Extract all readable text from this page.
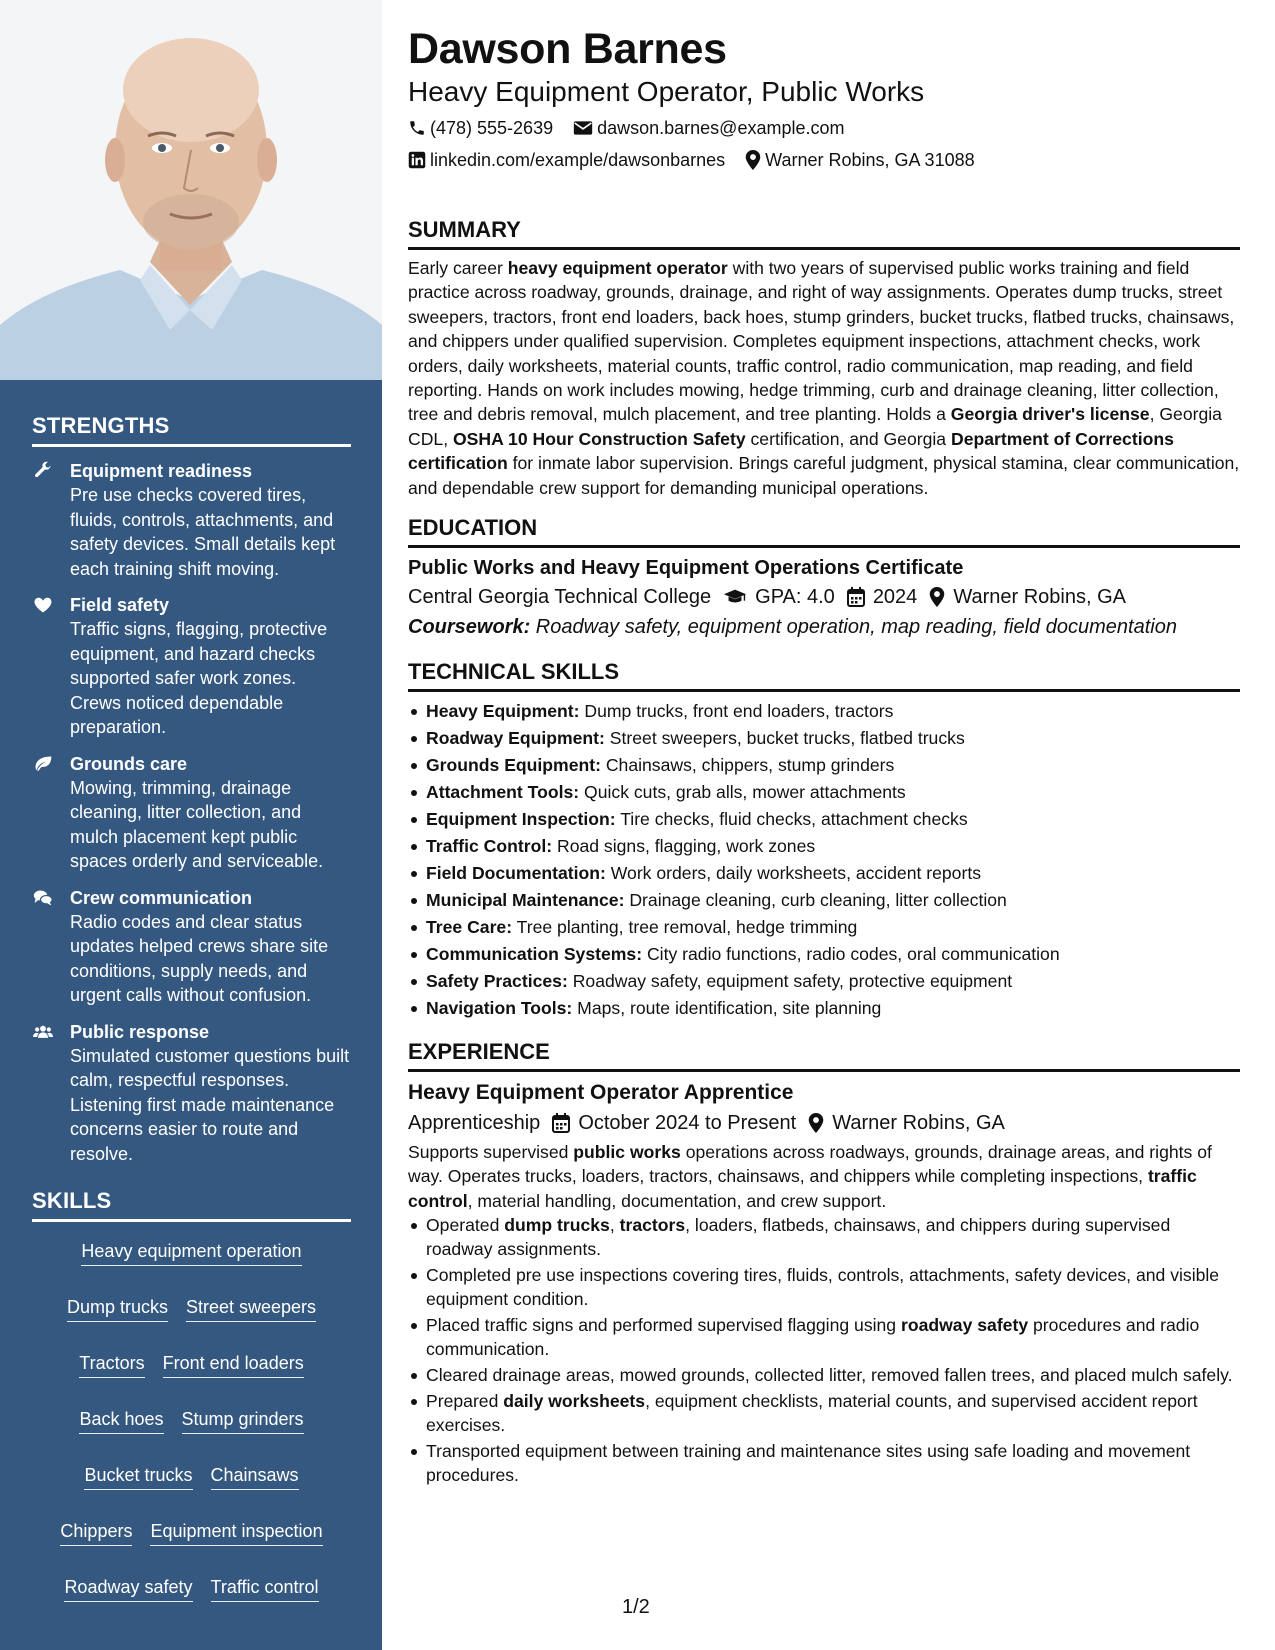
STRENGTHS
Equipment readiness
Pre use checks covered tires, fluids, controls, attachments, and safety devices. Small details kept each training shift moving.
Field safety
Traffic signs, flagging, protective equipment, and hazard checks supported safer work zones. Crews noticed dependable preparation.
Grounds care
Mowing, trimming, drainage cleaning, litter collection, and mulch placement kept public spaces orderly and serviceable.
Crew communication
Radio codes and clear status updates helped crews share site conditions, supply needs, and urgent calls without confusion.
Public response
Simulated customer questions built calm, respectful responses. Listening first made maintenance concerns easier to route and resolve.
SKILLS
Heavy equipment operation
Dump trucks Street sweepers
Tractors Front end loaders
Back hoes Stump grinders
Bucket trucks Chainsaws
Chippers Equipment inspection
Roadway safety Traffic control
Dawson Barnes
Heavy Equipment Operator, Public Works
(478) 555-2639 dawson.barnes@example.com
linkedin.com/example/dawsonbarnes Warner Robins, GA 31088
SUMMARY
Early career heavy equipment operator with two years of supervised public works training and field practice across roadway, grounds, drainage, and right of way assignments. Operates dump trucks, street sweepers, tractors, front end loaders, back hoes, stump grinders, bucket trucks, flatbed trucks, chainsaws, and chippers under qualified supervision. Completes equipment inspections, attachment checks, work orders, daily worksheets, material counts, traffic control, radio communication, map reading, and field reporting. Hands on work includes mowing, hedge trimming, curb and drainage cleaning, litter collection, tree and debris removal, mulch placement, and tree planting. Holds a Georgia driver's license, Georgia CDL, OSHA 10 Hour Construction Safety certification, and Georgia Department of Corrections certification for inmate labor supervision. Brings careful judgment, physical stamina, clear communication, and dependable crew support for demanding municipal operations.
EDUCATION
Public Works and Heavy Equipment Operations Certificate
Central Georgia Technical College GPA: 4.0 2024 Warner Robins, GA
Coursework: Roadway safety, equipment operation, map reading, field documentation
TECHNICAL SKILLS
Heavy Equipment: Dump trucks, front end loaders, tractors
Roadway Equipment: Street sweepers, bucket trucks, flatbed trucks
Grounds Equipment: Chainsaws, chippers, stump grinders
Attachment Tools: Quick cuts, grab alls, mower attachments
Equipment Inspection: Tire checks, fluid checks, attachment checks
Traffic Control: Road signs, flagging, work zones
Field Documentation: Work orders, daily worksheets, accident reports
Municipal Maintenance: Drainage cleaning, curb cleaning, litter collection
Tree Care: Tree planting, tree removal, hedge trimming
Communication Systems: City radio functions, radio codes, oral communication
Safety Practices: Roadway safety, equipment safety, protective equipment
Navigation Tools: Maps, route identification, site planning
EXPERIENCE
Heavy Equipment Operator Apprentice
Apprenticeship October 2024 to Present Warner Robins, GA
Supports supervised public works operations across roadways, grounds, drainage areas, and rights of way. Operates trucks, loaders, tractors, chainsaws, and chippers while completing inspections, traffic control, material handling, documentation, and crew support.
Operated dump trucks, tractors, loaders, flatbeds, chainsaws, and chippers during supervised roadway assignments.
Completed pre use inspections covering tires, fluids, controls, attachments, safety devices, and visible equipment condition.
Placed traffic signs and performed supervised flagging using roadway safety procedures and radio communication.
Cleared drainage areas, mowed grounds, collected litter, removed fallen trees, and placed mulch safely.
Prepared daily worksheets, equipment checklists, material counts, and supervised accident report exercises.
Transported equipment between training and maintenance sites using safe loading and movement procedures.
1/2
